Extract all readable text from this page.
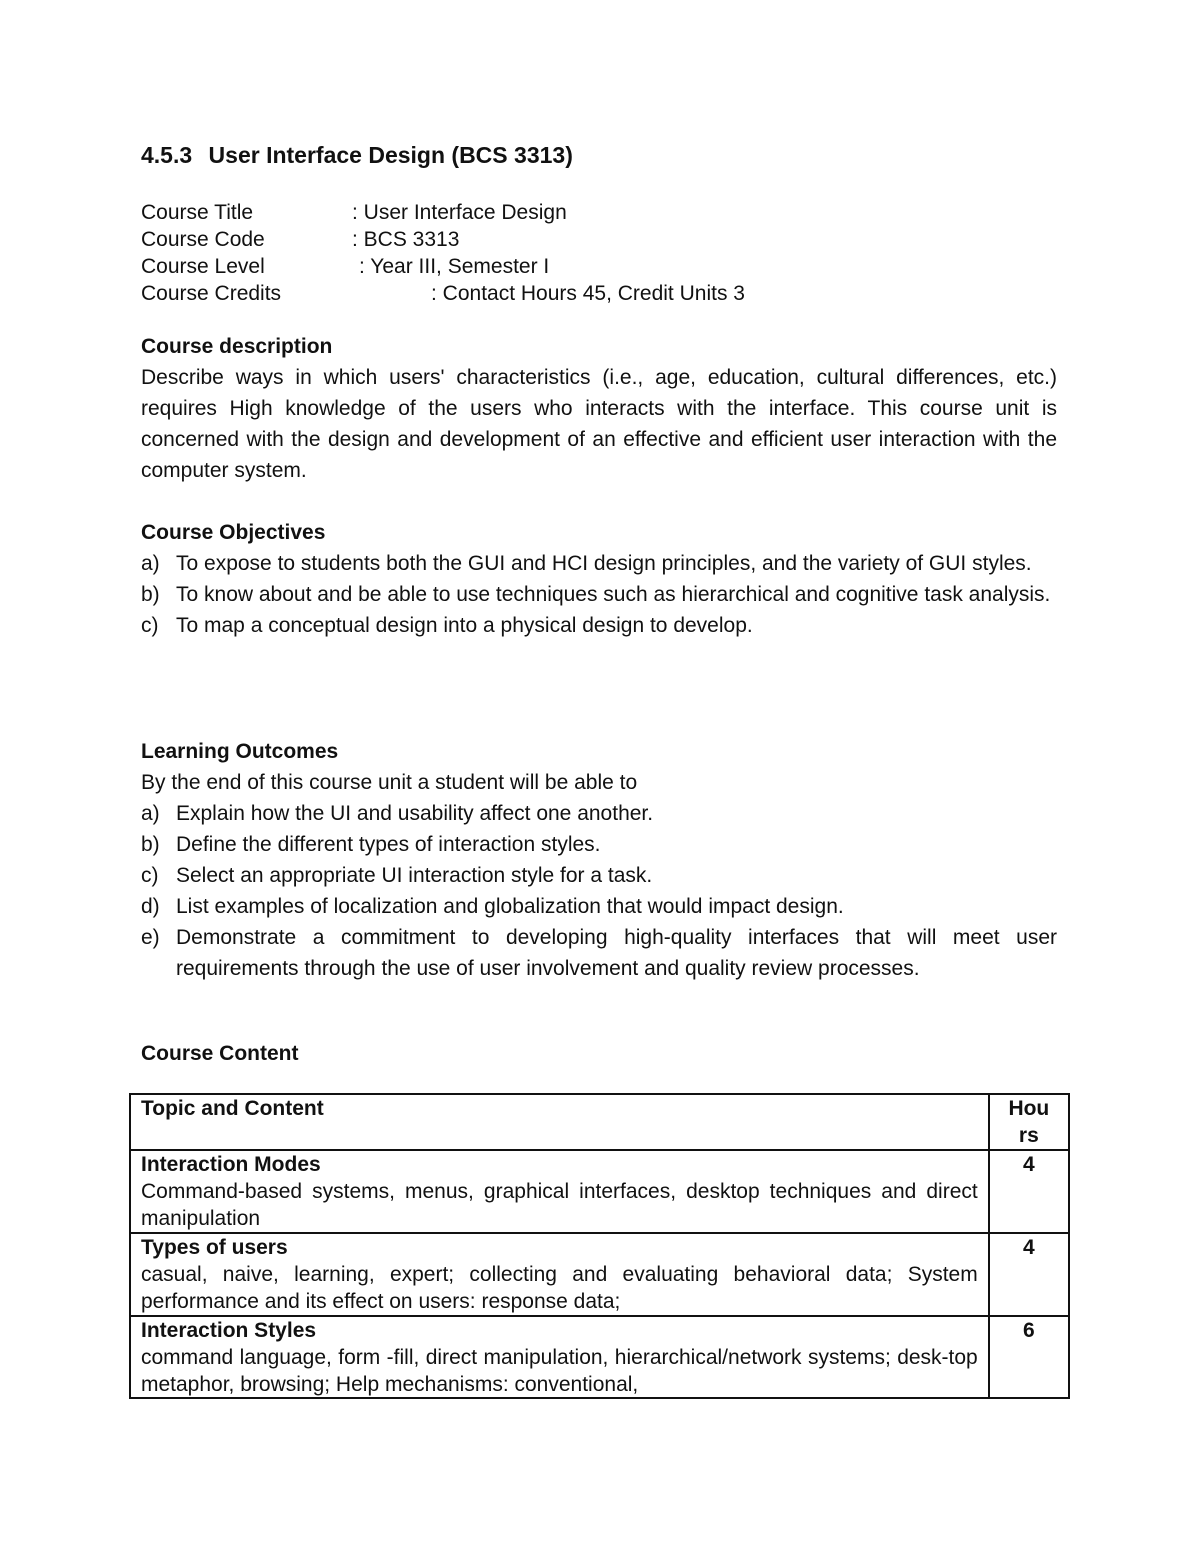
4.5.3 User Interface Design (BCS 3313)
Course Title	: User Interface Design
Course Code	: BCS 3313
Course Level	: Year III, Semester I
Course Credits	: Contact Hours 45, Credit Units 3
Course description
Describe ways in which users' characteristics (i.e., age, education, cultural differences, etc.) requires High knowledge of the users who interacts with the interface. This course unit is concerned with the design and development of an effective and efficient user interaction with the computer system.
Course Objectives
a) To expose to students both the GUI and HCI design principles, and the variety of GUI styles.
b) To know about and be able to use techniques such as hierarchical and cognitive task analysis.
c) To map a conceptual design into a physical design to develop.
Learning Outcomes
By the end of this course unit a student will be able to
a) Explain how the UI and usability affect one another.
b) Define the different types of interaction styles.
c) Select an appropriate UI interaction style for a task.
d) List examples of localization and globalization that would impact design.
e) Demonstrate a commitment to developing high-quality interfaces that will meet user requirements through the use of user involvement and quality review processes.
Course Content
Topic and Content	Hours

Interaction Modes
Command-based systems, menus, graphical interfaces, desktop techniques and direct manipulation	4

Types of users
casual, naive, learning, expert; collecting and evaluating behavioral data; System performance and its effect on users: response data;	4

Interaction Styles
command language, form -fill, direct manipulation, hierarchical/network systems; desk-top metaphor, browsing; Help mechanisms: conventional,	6
